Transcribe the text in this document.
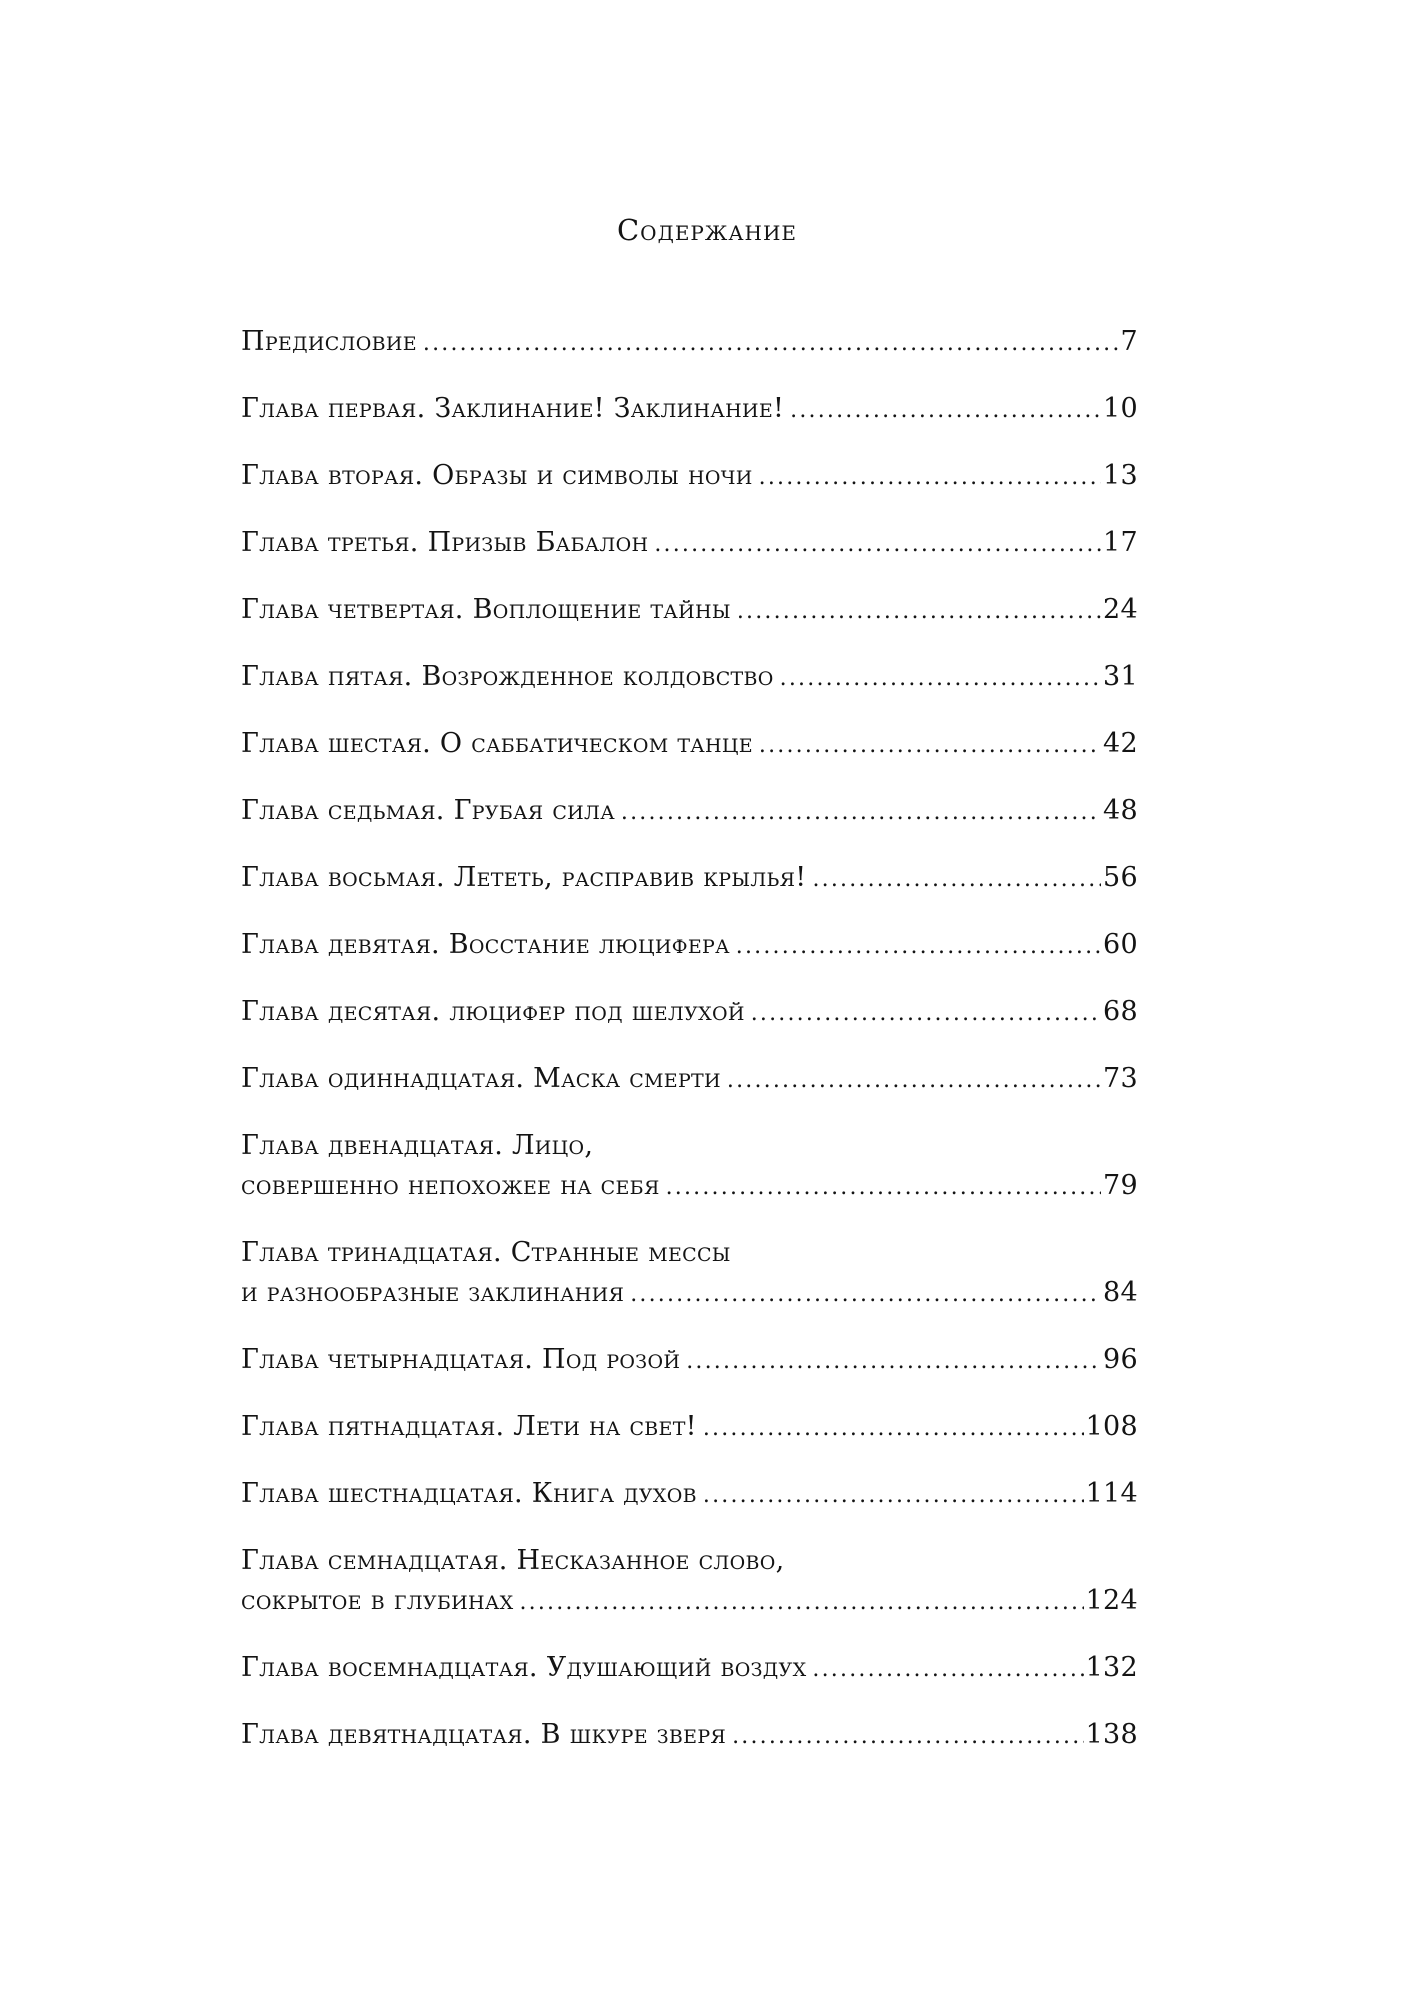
Содержание
Предисловие .....	7
Глава первая. Заклинание! Заклинание! .....	10
Глава вторая. Образы и символы ночи .....	13
Глава третья. Призыв Бабалон .....	17
Глава четвертая. Воплощение тайны .....	24
Глава пятая. Возрожденное колдовство .....	31
Глава шестая. О саббатическом танце .....	42
Глава седьмая. Грубая сила .....	48
Глава восьмая. Лететь, расправив крылья! .....	56
Глава девятая. Восстание люцифера .....	60
Глава десятая. люцифер под шелухой .....	68
Глава одиннадцатая. Маска смерти .....	73
Глава двенадцатая. Лицо,
совершенно непохожее на себя .....	79
Глава тринадцатая. Странные мессы
и разнообразные заклинания .....	84
Глава четырнадцатая. Под розой .....	96
Глава пятнадцатая. Лети на свет! .....	108
Глава шестнадцатая. Книга духов .....	114
Глава семнадцатая. Несказанное слово,
сокрытое в глубинах .....	124
Глава восемнадцатая. Удушающий воздух .....	132
Глава девятнадцатая. В шкуре зверя .....	138
